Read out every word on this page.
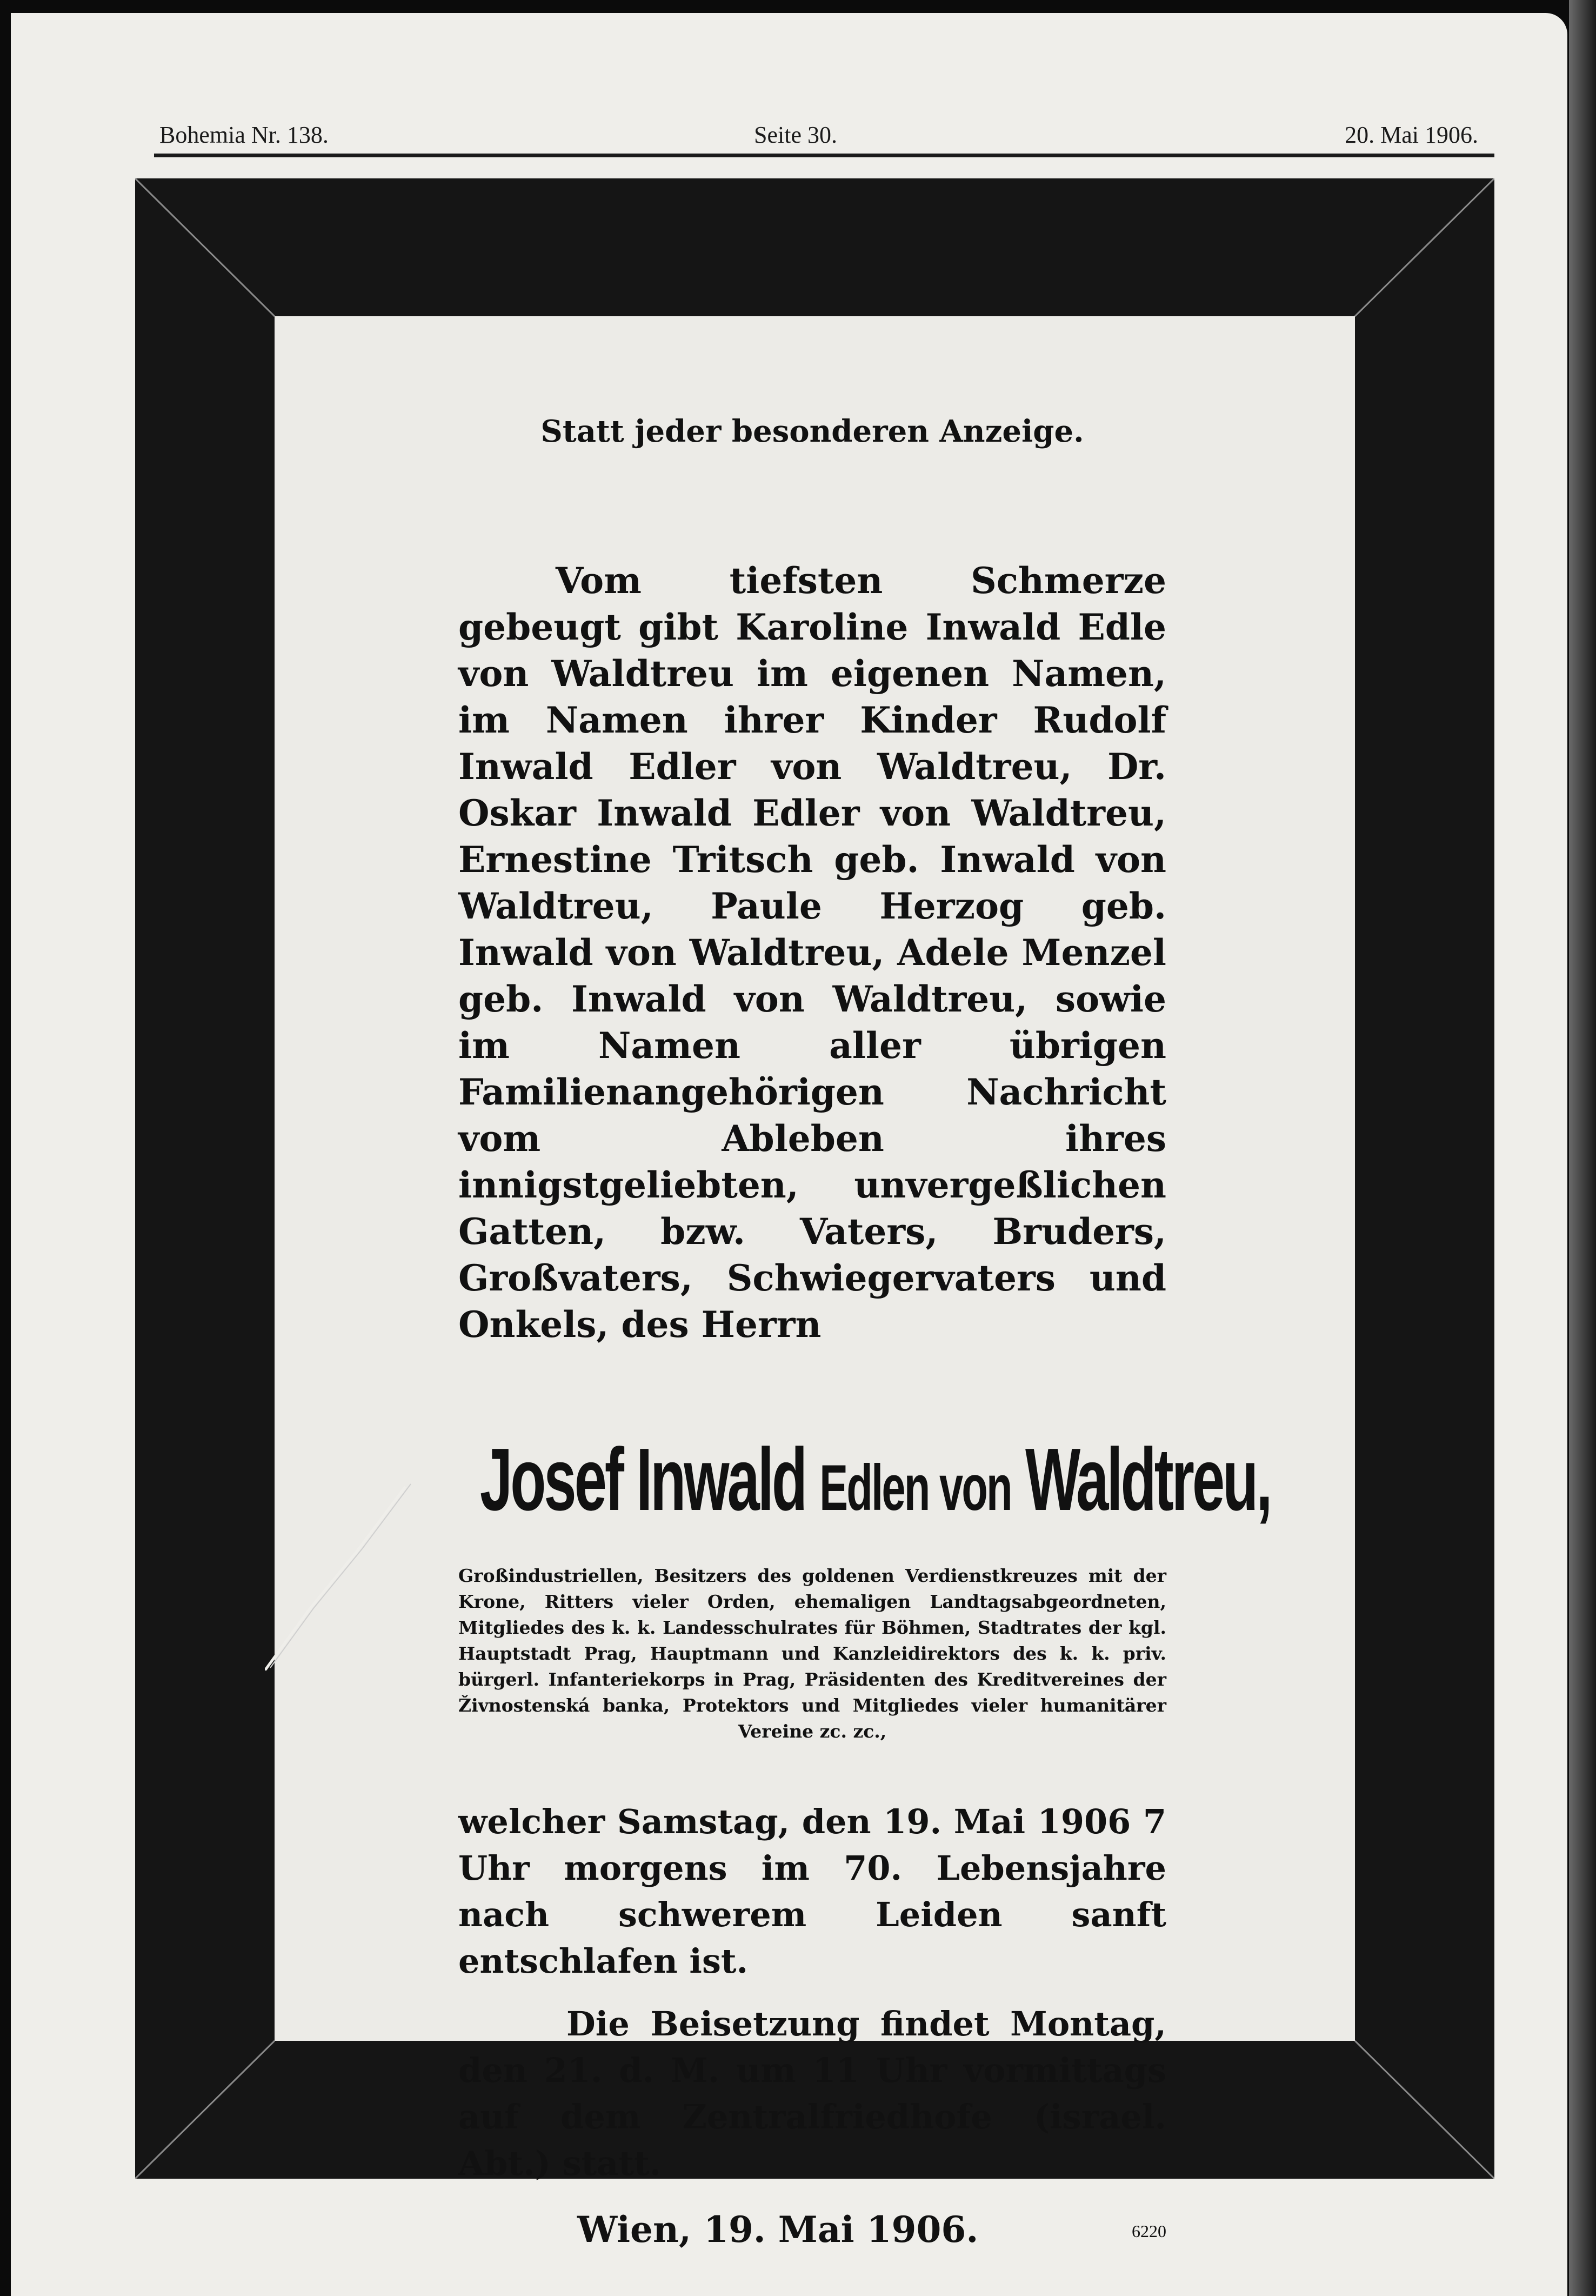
Bohemia Nr. 138.	Seite 30.	20. Mai 1906.

Statt jeder besonderen Anzeige.

Vom tiefsten Schmerze gebeugt gibt Karoline Inwald Edle von Waldtreu im eigenen Namen, im Namen ihrer Kinder Rudolf Inwald Edler von Waldtreu, Dr. Oskar Inwald Edler von Waldtreu, Ernestine Tritsch geb. Inwald von Waldtreu, Paule Herzog geb. Inwald von Waldtreu, Adele Menzel geb. Inwald von Waldtreu, sowie im Namen aller übrigen Familienangehörigen Nachricht vom Ableben ihres innigstgeliebten, unvergeßlichen Gatten, bzw. Vaters, Bruders, Großvaters, Schwiegervaters und Onkels, des Herrn

Josef Inwald Edlen von Waldtreu,

Großindustriellen, Besitzers des goldenen Verdienstkreuzes mit der Krone, Ritters vieler Orden, ehemaligen Landtagsabgeordneten, Mitgliedes des k. k. Landesschulrates für Böhmen, Stadtrates der kgl. Hauptstadt Prag, Hauptmann und Kanzleidirektors des k. k. priv. bürgerl. Infanteriekorps in Prag, Präsidenten des Kreditvereines der Živnostenská banka, Protektors und Mitgliedes vieler humanitärer Vereine zc. zc.,

welcher Samstag, den 19. Mai 1906 7 Uhr morgens im 70. Lebensjahre nach schwerem Leiden sanft entschlafen ist.

Die Beisetzung findet Montag, den 21. d. M. um 11 Uhr vormittags auf dem Zentralfriedhofe (israel. Abt.) statt.

Wien, 19. Mai 1906.	6220
